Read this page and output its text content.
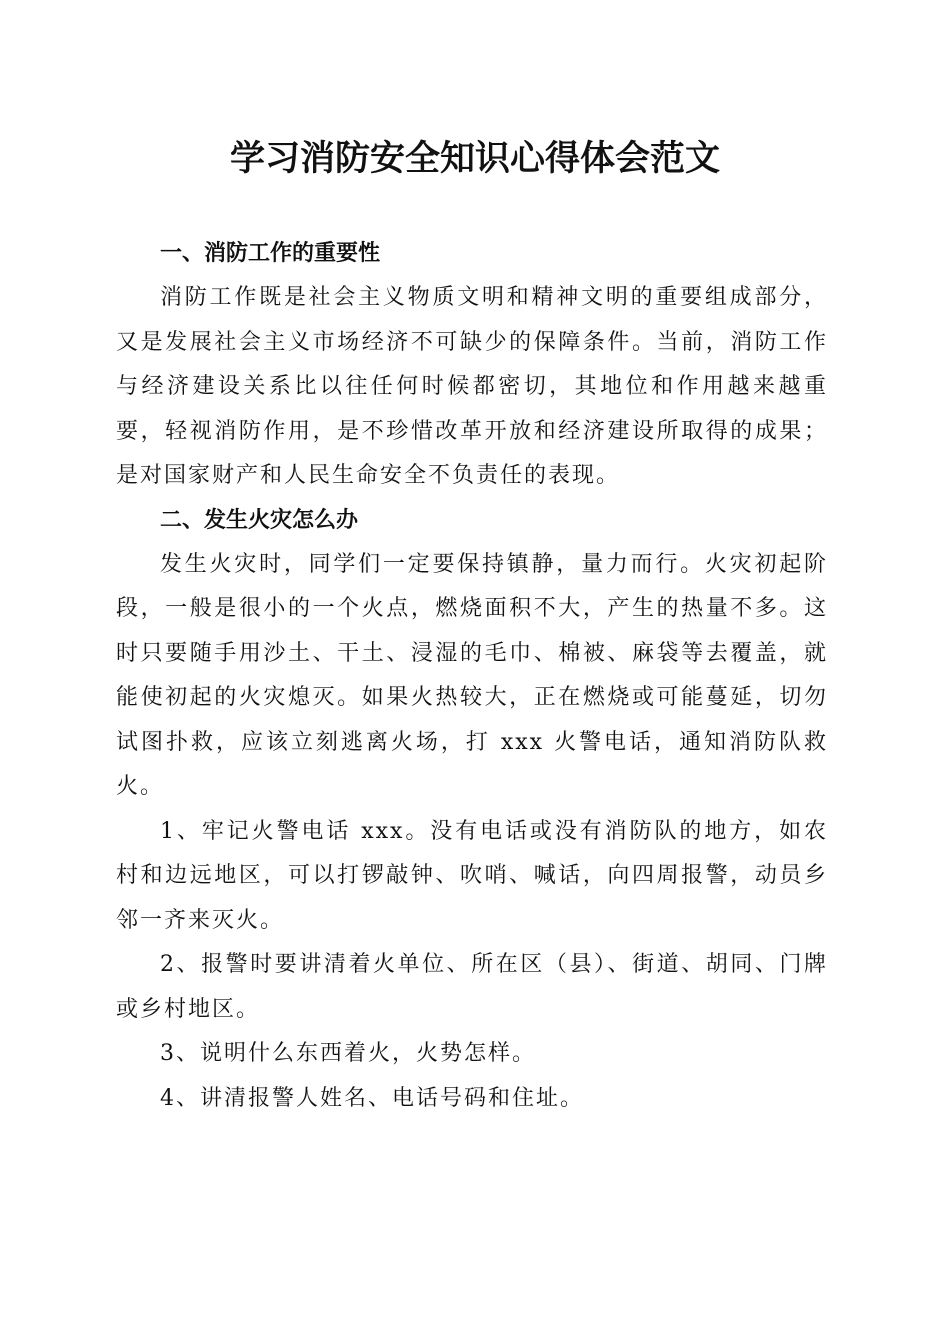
学习消防安全知识心得体会范文
一、消防工作的重要性

消防工作既是社会主义物质文明和精神文明的重要组成部分，又是发展社会主义市场经济不可缺少的保障条件。当前，消防工作与经济建设关系比以往任何时候都密切，其地位和作用越来越重要，轻视消防作用，是不珍惜改革开放和经济建设所取得的成果；是对国家财产和人民生命安全不负责任的表现。

二、发生火灾怎么办

发生火灾时，同学们一定要保持镇静，量力而行。火灾初起阶段，一般是很小的一个火点，燃烧面积不大，产生的热量不多。这时只要随手用沙土、干土、浸湿的毛巾、棉被、麻袋等去覆盖，就能使初起的火灾熄灭。如果火热较大，正在燃烧或可能蔓延，切勿试图扑救，应该立刻逃离火场，打 xxx 火警电话，通知消防队救火。

1、牢记火警电话 xxx。没有电话或没有消防队的地方，如农村和边远地区，可以打锣敲钟、吹哨、喊话，向四周报警，动员乡邻一齐来灭火。

2、报警时要讲清着火单位、所在区（县）、街道、胡同、门牌或乡村地区。

3、说明什么东西着火，火势怎样。

4、讲清报警人姓名、电话号码和住址。
